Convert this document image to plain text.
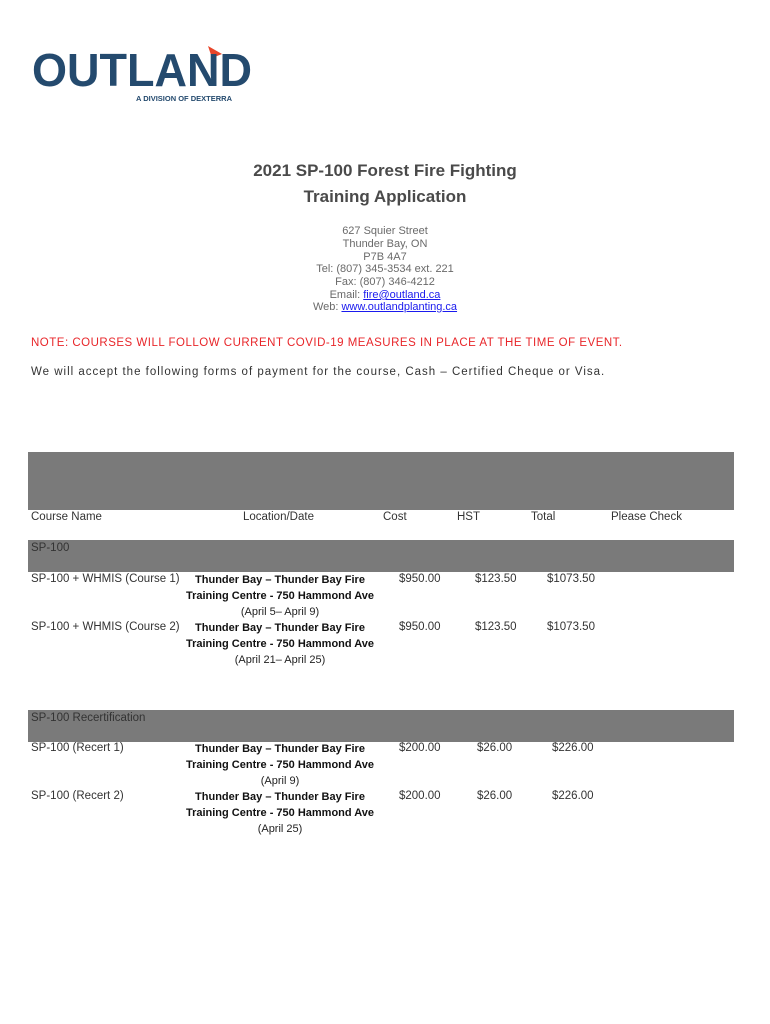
OUTLAND
A DIVISION OF DEXTERRA
2021 SP-100 Forest Fire Fighting
Training Application
627 Squier Street
Thunder Bay, ON
P7B 4A7
Tel: (807) 345-3534 ext. 221
Fax: (807) 346-4212
Email: fire@outland.ca
Web: www.outlandplanting.ca
NOTE: COURSES WILL FOLLOW CURRENT COVID-19 MEASURES IN PLACE AT THE TIME OF EVENT.
We will accept the following forms of payment for the course, Cash – Certified Cheque or Visa.
Course Name	Location/Date	Cost	HST	Total	Please Check
SP-100
SP-100 + WHMIS (Course 1)	Thunder Bay – Thunder Bay Fire
Training Centre - 750 Hammond Ave
(April 5– April 9)
$950.00	$123.50	$1073.50
SP-100 + WHMIS (Course 2)	Thunder Bay – Thunder Bay Fire
Training Centre - 750 Hammond Ave
(April 21– April 25)
$950.00	$123.50	$1073.50
SP-100 Recertification
SP-100 (Recert 1)	Thunder Bay – Thunder Bay Fire
Training Centre - 750 Hammond Ave
(April 9)
$200.00	$26.00	$226.00
SP-100 (Recert 2)	Thunder Bay – Thunder Bay Fire
Training Centre - 750 Hammond Ave
(April 25)
$200.00	$26.00	$226.00
